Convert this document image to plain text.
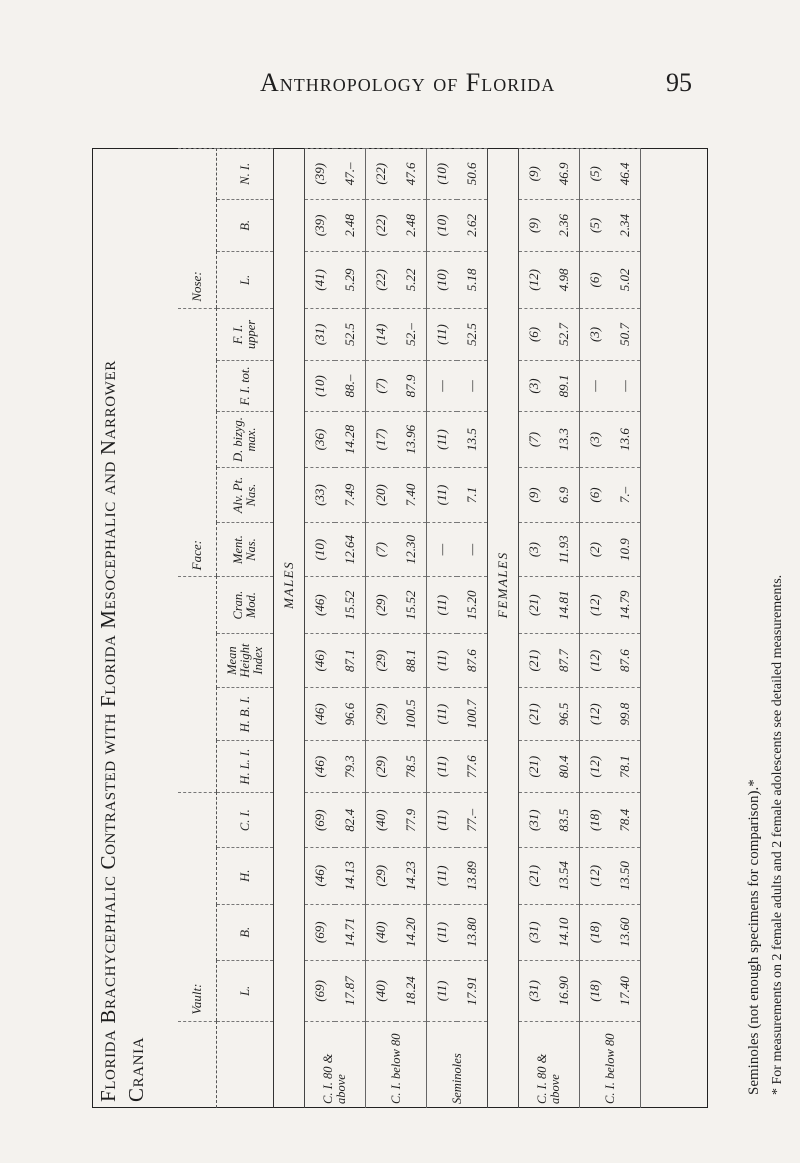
Anthropology of Florida	95
Florida Brachycephalic Contrasted with Florida Mesocephalic and Narrower Crania
	Vault:								Face:					Nose:		
	L.	B.	H.	C. I.	H. L. I.	H. B. I.	Mean Height Index	Cran. Mod.	Ment. Nas.	Alv. Pt. Nas.	D. bizyg. max.	F. I. tot.	F. I. upper	L.	B.	N. I.
	MALES															
C. I. 80 & above	(69)	(69)	(46)	(69)	(46)	(46)	(46)	(46)	(10)	(33)	(36)	(10)	(31)	(41)	(39)	(39)
	17.87	14.71	14.13	82.4	79.3	96.6	87.1	15.52	12.64	7.49	14.28	88.–	52.5	5.29	2.48	47.–
C. I. below 80	(40)	(40)	(29)	(40)	(29)	(29)	(29)	(29)	(7)	(20)	(17)	(7)	(14)	(22)	(22)	(22)
	18.24	14.20	14.23	77.9	78.5	100.5	88.1	15.52	12.30	7.40	13.96	87.9	52.–	5.22	2.48	47.6
Seminoles	(11)	(11)	(11)	(11)	(11)	(11)	(11)	(11)	—	(11)	(11)	—	(11)	(10)	(10)	(10)
	17.91	13.80	13.89	77.–	77.6	100.7	87.6	15.20	—	7.1	13.5	—	52.5	5.18	2.62	50.6
	FEMALES															
C. I. 80 & above	(31)	(31)	(21)	(31)	(21)	(21)	(21)	(21)	(3)	(9)	(7)	(3)	(6)	(12)	(9)	(9)
	16.90	14.10	13.54	83.5	80.4	96.5	87.7	14.81	11.93	6.9	13.3	89.1	52.7	4.98	2.36	46.9
C. I. below 80	(18)	(18)	(12)	(18)	(12)	(12)	(12)	(12)	(2)	(6)	(3)	—	(3)	(6)	(5)	(5)
	17.40	13.60	13.50	78.4	78.1	99.8	87.6	14.79	10.9	7.–	13.6	—	50.7	5.02	2.34	46.4
Seminoles (not enough specimens for comparison).* * For measurements on 2 female adults and 2 female adolescents see detailed measurements.
